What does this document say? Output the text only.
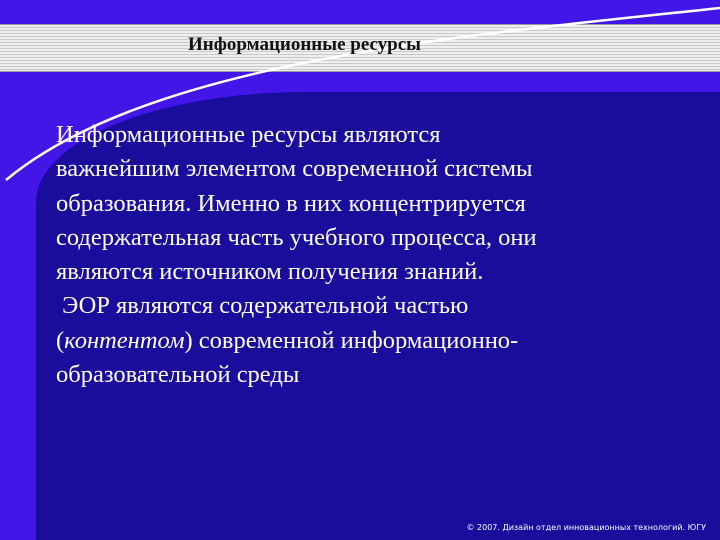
Информационные ресурсы

Информационные ресурсы являются
важнейшим элементом современной системы
образования. Именно в них концентрируется
содержательная часть учебного процесса, они
являются источником получения знаний.
ЭОР являются содержательной частью
(контентом) современной информационно-
образовательной среды

© 2007. Дизайн отдел инновационных технологий. ЮГУ
